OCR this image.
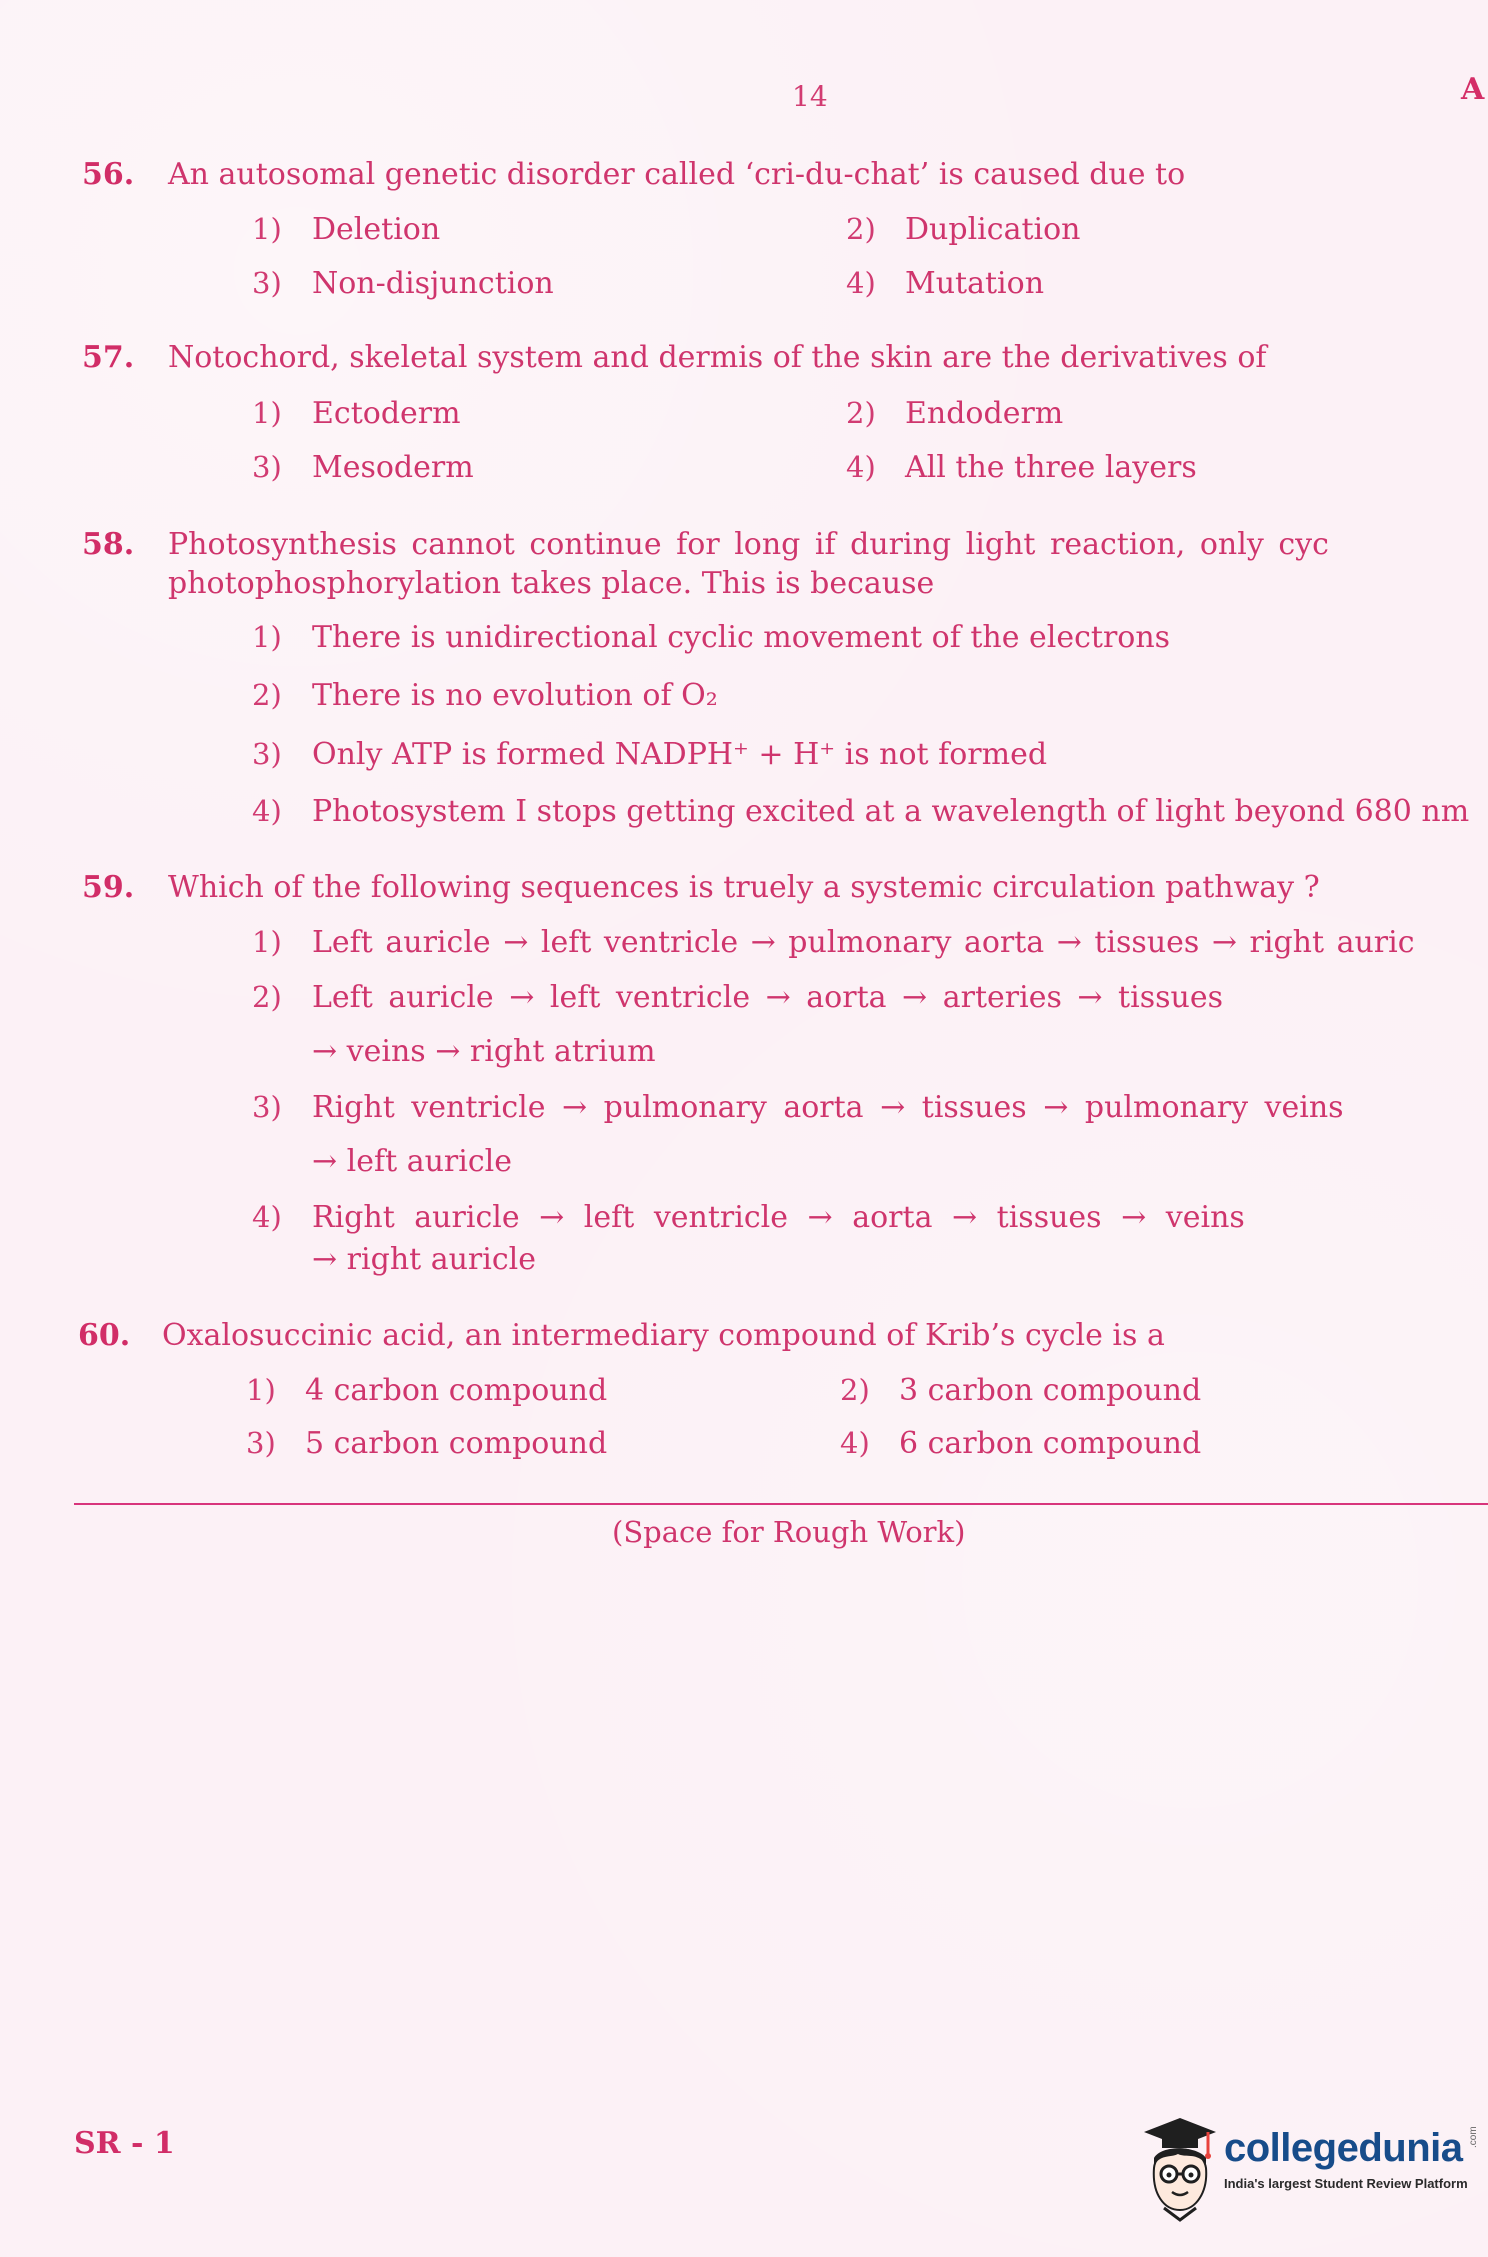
14	A
56. An autosomal genetic disorder called ‘cri-du-chat’ is caused due to
1) Deletion	2) Duplication
3) Non-disjunction	4) Mutation
57. Notochord, skeletal system and dermis of the skin are the derivatives of
1) Ectoderm	2) Endoderm
3) Mesoderm	4) All the three layers
58. Photosynthesis cannot continue for long if during light reaction, only cyc
photophosphorylation takes place. This is because
1) There is unidirectional cyclic movement of the electrons
2) There is no evolution of O₂
3) Only ATP is formed NADPH⁺ + H⁺ is not formed
4) Photosystem I stops getting excited at a wavelength of light beyond 680 nm
59. Which of the following sequences is truely a systemic circulation pathway ?
1) Left auricle → left ventricle → pulmonary aorta → tissues → right auric
2) Left auricle → left ventricle → aorta → arteries → tissues
→ veins → right atrium
3) Right ventricle → pulmonary aorta → tissues → pulmonary veins
→ left auricle
4) Right auricle → left ventricle → aorta → tissues → veins
→ right auricle
60. Oxalosuccinic acid, an intermediary compound of Krib’s cycle is a
1) 4 carbon compound	2) 3 carbon compound
3) 5 carbon compound	4) 6 carbon compound
(Space for Rough Work)
SR - 1	collegedunia
India's largest Student Review Platform
.com
